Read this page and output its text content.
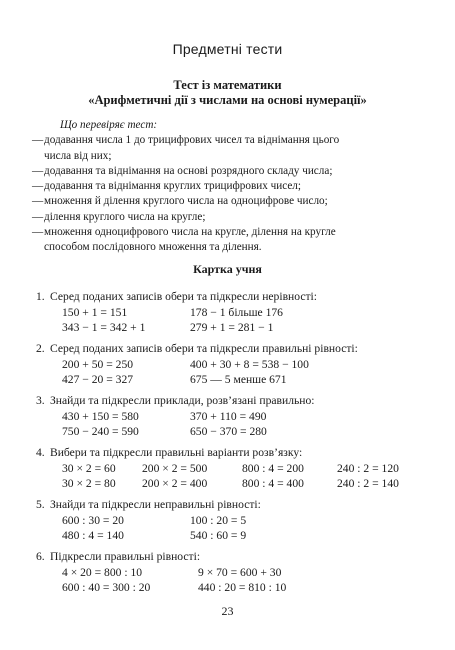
Предметні тести
Тест із математики
«Арифметичні дії з числами на основі нумерації»
Що перевіряє тест:
— додавання числа 1 до трицифрових чисел та віднімання цього
числа від них;
— додавання та віднімання на основі розрядного складу числа;
— додавання та віднімання круглих трицифрових чисел;
— множення й ділення круглого числа на одноцифрове число;
— ділення круглого числа на кругле;
— множення одноцифрового числа на кругле, ділення на кругле
способом послідовного множення та ділення.
Картка учня
1. Серед поданих записів обери та підкресли нерівності:
150 + 1 = 151	178 − 1 більше 176
343 − 1 = 342 + 1	279 + 1 = 281 − 1
2. Серед поданих записів обери та підкресли правильні рівності:
200 + 50 = 250	400 + 30 + 8 = 538 − 100
427 − 20 = 327	675 — 5 менше 671
3. Знайди та підкресли приклади, розв’язані правильно:
430 + 150 = 580	370 + 110 = 490
750 − 240 = 590	650 − 370 = 280
4. Вибери та підкресли правильні варіанти розв’язку:
30 × 2 = 60 200 × 2 = 500	800 : 4 = 200	240 : 2 = 120
30 × 2 = 80 200 × 2 = 400	800 : 4 = 400	240 : 2 = 140
5. Знайди та підкресли неправильні рівності:
600 : 30 = 20	100 : 20 = 5
480 : 4 = 140	540 : 60 = 9
6. Підкресли правильні рівності:
4 × 20 = 800 : 10	9 × 70 = 600 + 30
600 : 40 = 300 : 20	440 : 20 = 810 : 10
23
